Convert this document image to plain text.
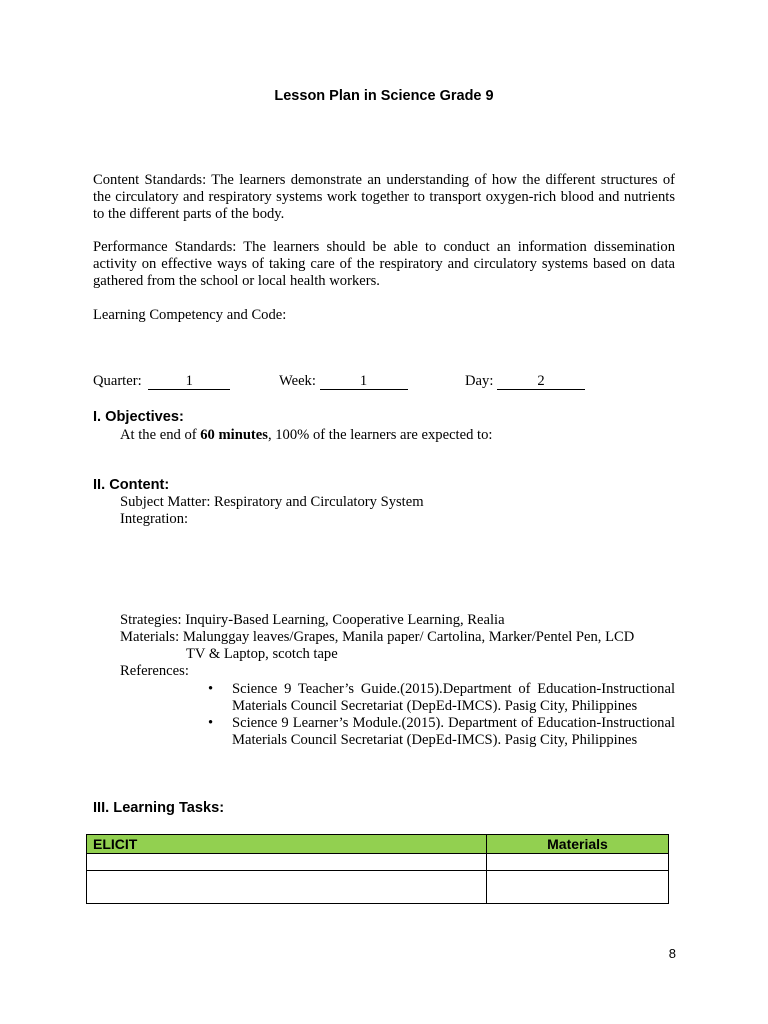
Lesson Plan in Science Grade 9
Content Standards: The learners demonstrate an understanding of how the different structures of the circulatory and respiratory systems work together to transport oxygen-rich blood and nutrients to the different parts of the body.
Performance Standards: The learners should be able to conduct an information dissemination activity on effective ways of taking care of the respiratory and circulatory systems based on data gathered from the school or local health workers.
Learning Competency and Code:
Quarter:	1	Week:	1	Day:	2
I. Objectives:
At the end of 60 minutes, 100% of the learners are expected to:
II. Content:
Subject Matter: Respiratory and Circulatory System
Integration:
Strategies: Inquiry-Based Learning, Cooperative Learning, Realia
Materials: Malunggay leaves/Grapes, Manila paper/ Cartolina, Marker/Pentel Pen, LCD
TV & Laptop, scotch tape
References:
• Science 9 Teacher’s Guide.(2015).Department of Education-Instructional Materials Council Secretariat (DepEd-IMCS). Pasig City, Philippines
• Science 9 Learner’s Module.(2015). Department of Education-Instructional Materials Council Secretariat (DepEd-IMCS). Pasig City, Philippines
III. Learning Tasks:
ELICIT	Materials

8
